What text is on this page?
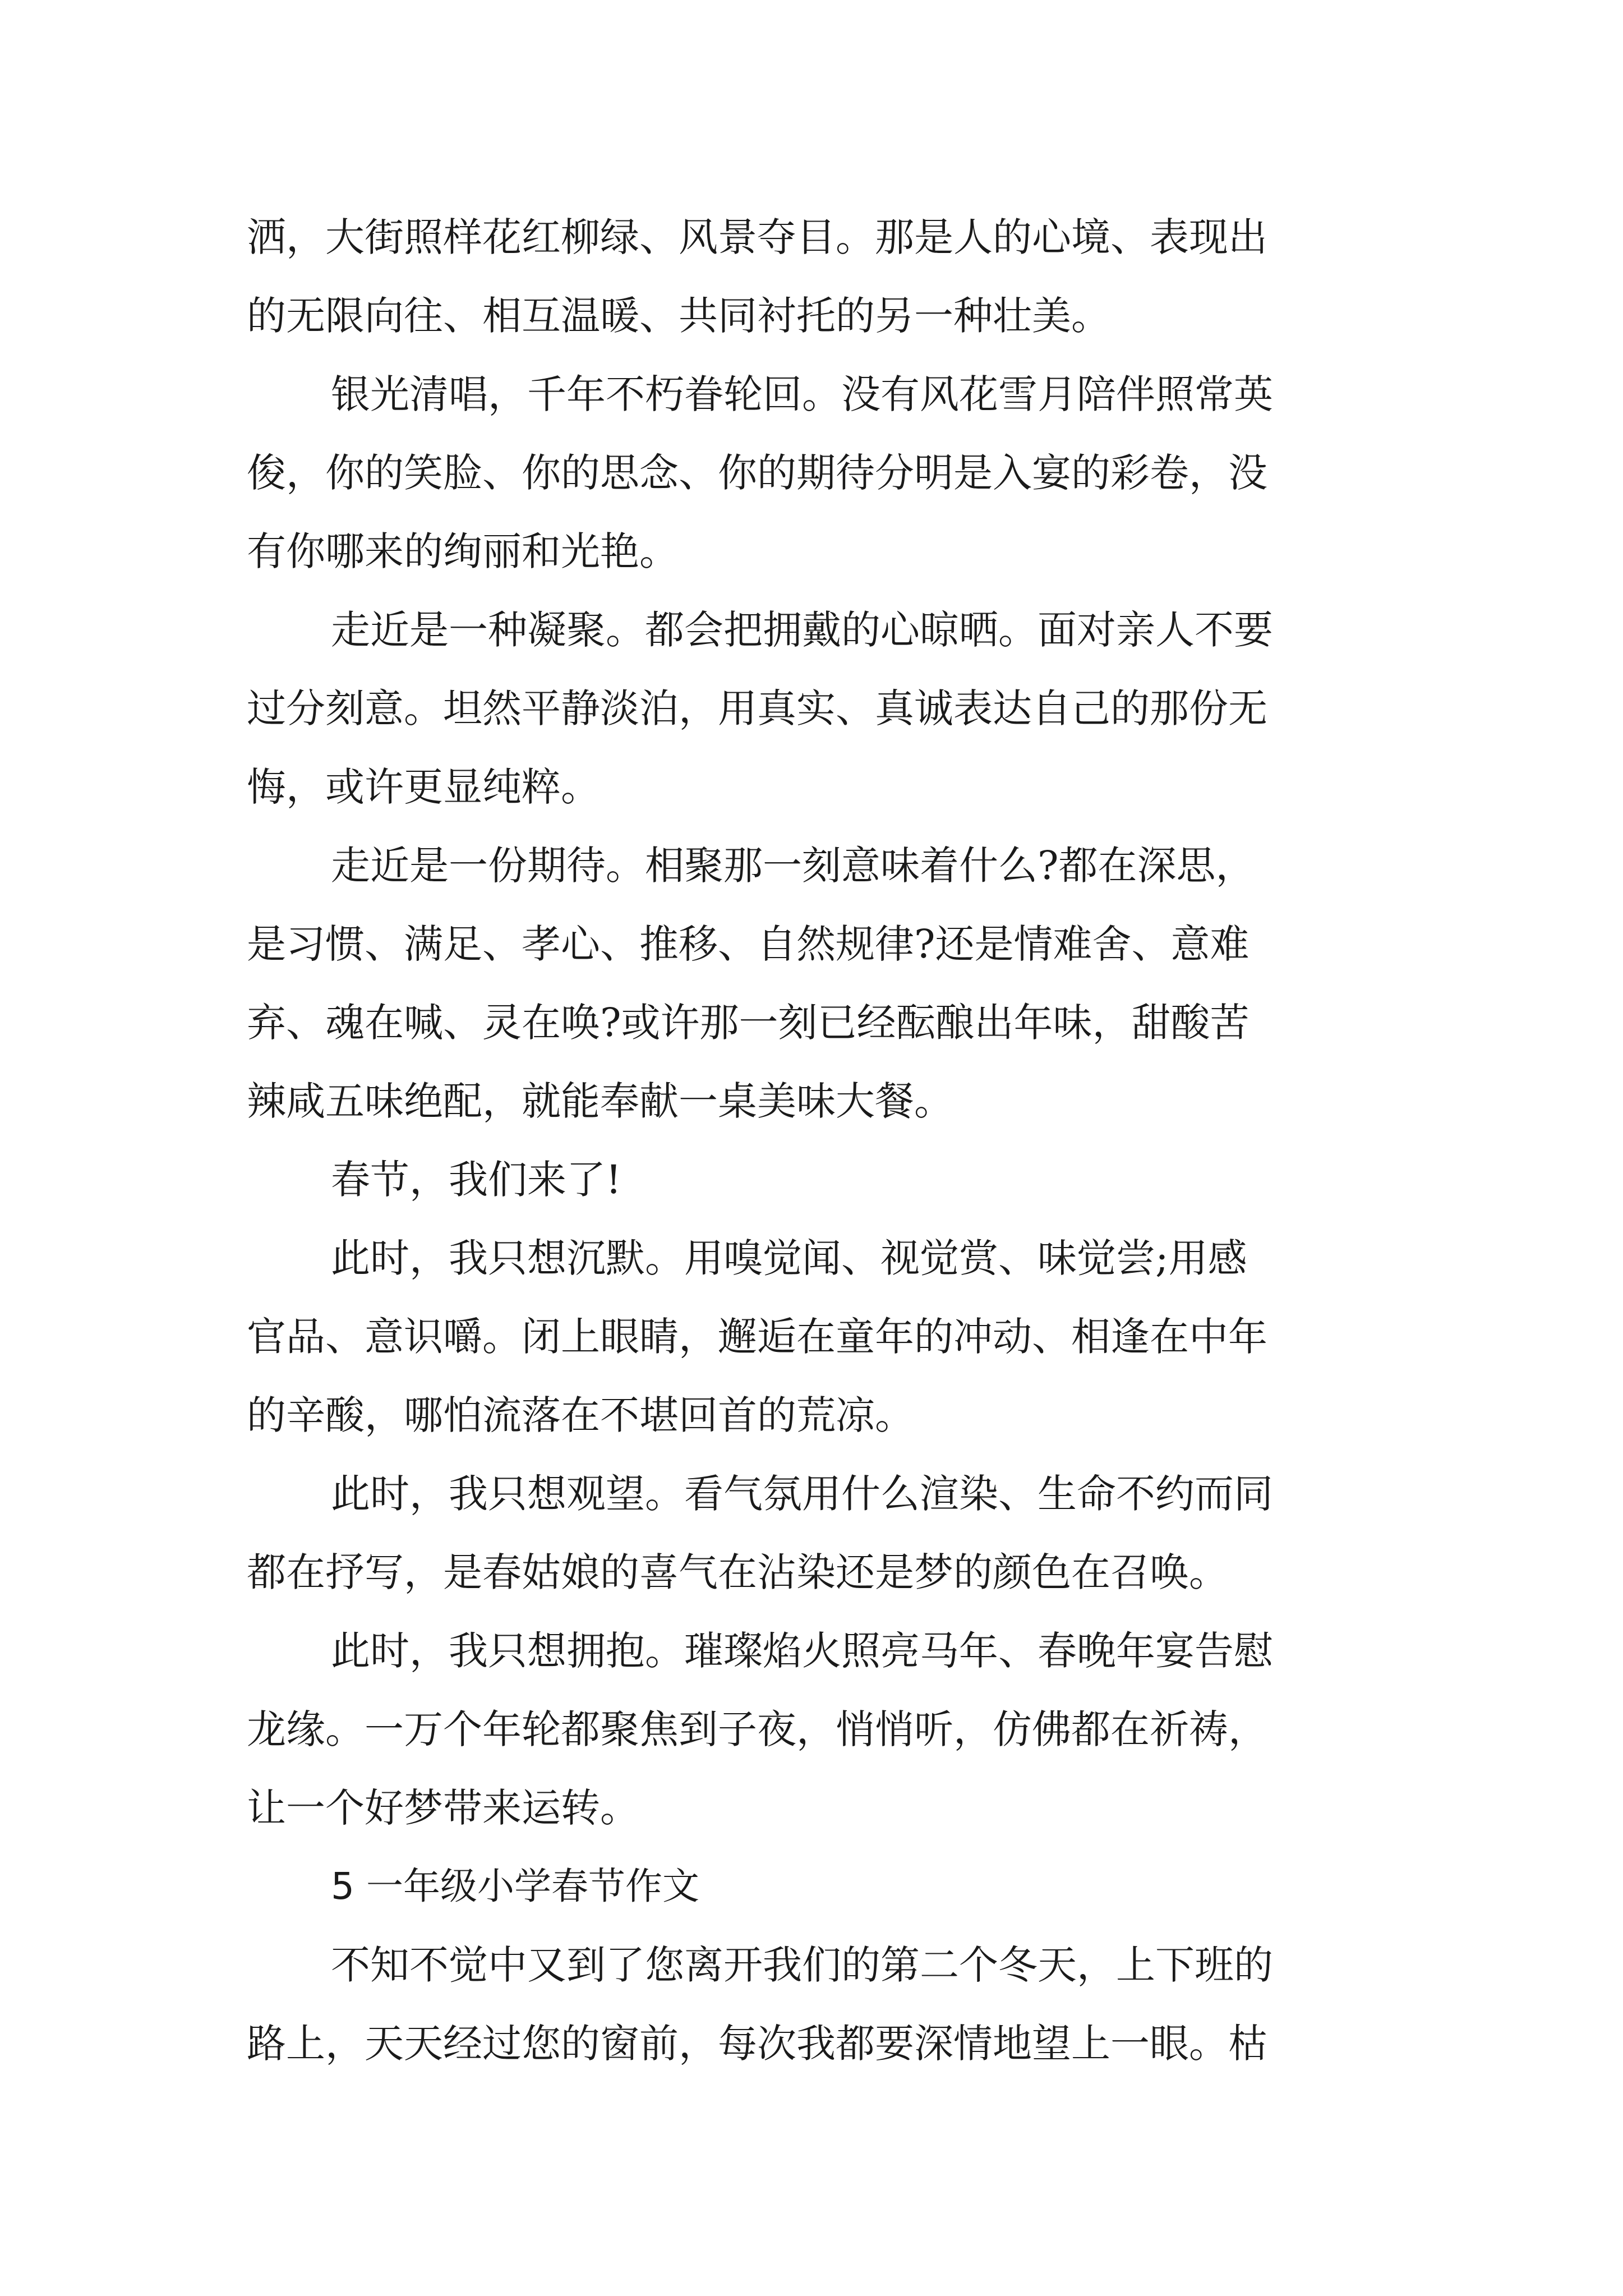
洒，大街照样花红柳绿、风景夺目。那是人的心境、表现出

的无限向往、相互温暖、共同衬托的另一种壮美。

银光清唱，千年不朽眷轮回。没有风花雪月陪伴照常英

俊，你的笑脸、你的思念、你的期待分明是入宴的彩卷，没

有你哪来的绚丽和光艳。

走近是一种凝聚。都会把拥戴的心晾晒。面对亲人不要

过分刻意。坦然平静淡泊，用真实、真诚表达自己的那份无

悔，或许更显纯粹。

走近是一份期待。相聚那一刻意味着什么?都在深思，

是习惯、满足、孝心、推移、自然规律?还是情难舍、意难

弃、魂在喊、灵在唤?或许那一刻已经酝酿出年味，甜酸苦

辣咸五味绝配，就能奉献一桌美味大餐。

春节，我们来了!

此时，我只想沉默。用嗅觉闻、视觉赏、味觉尝;用感

官品、意识嚼。闭上眼睛，邂逅在童年的冲动、相逢在中年

的辛酸，哪怕流落在不堪回首的荒凉。

此时，我只想观望。看气氛用什么渲染、生命不约而同

都在抒写，是春姑娘的喜气在沾染还是梦的颜色在召唤。

此时，我只想拥抱。璀璨焰火照亮马年、春晚年宴告慰

龙缘。一万个年轮都聚焦到子夜，悄悄听，仿佛都在祈祷，

让一个好梦带来运转。

5 一年级小学春节作文

不知不觉中又到了您离开我们的第二个冬天，上下班的

路上，天天经过您的窗前，每次我都要深情地望上一眼。枯
